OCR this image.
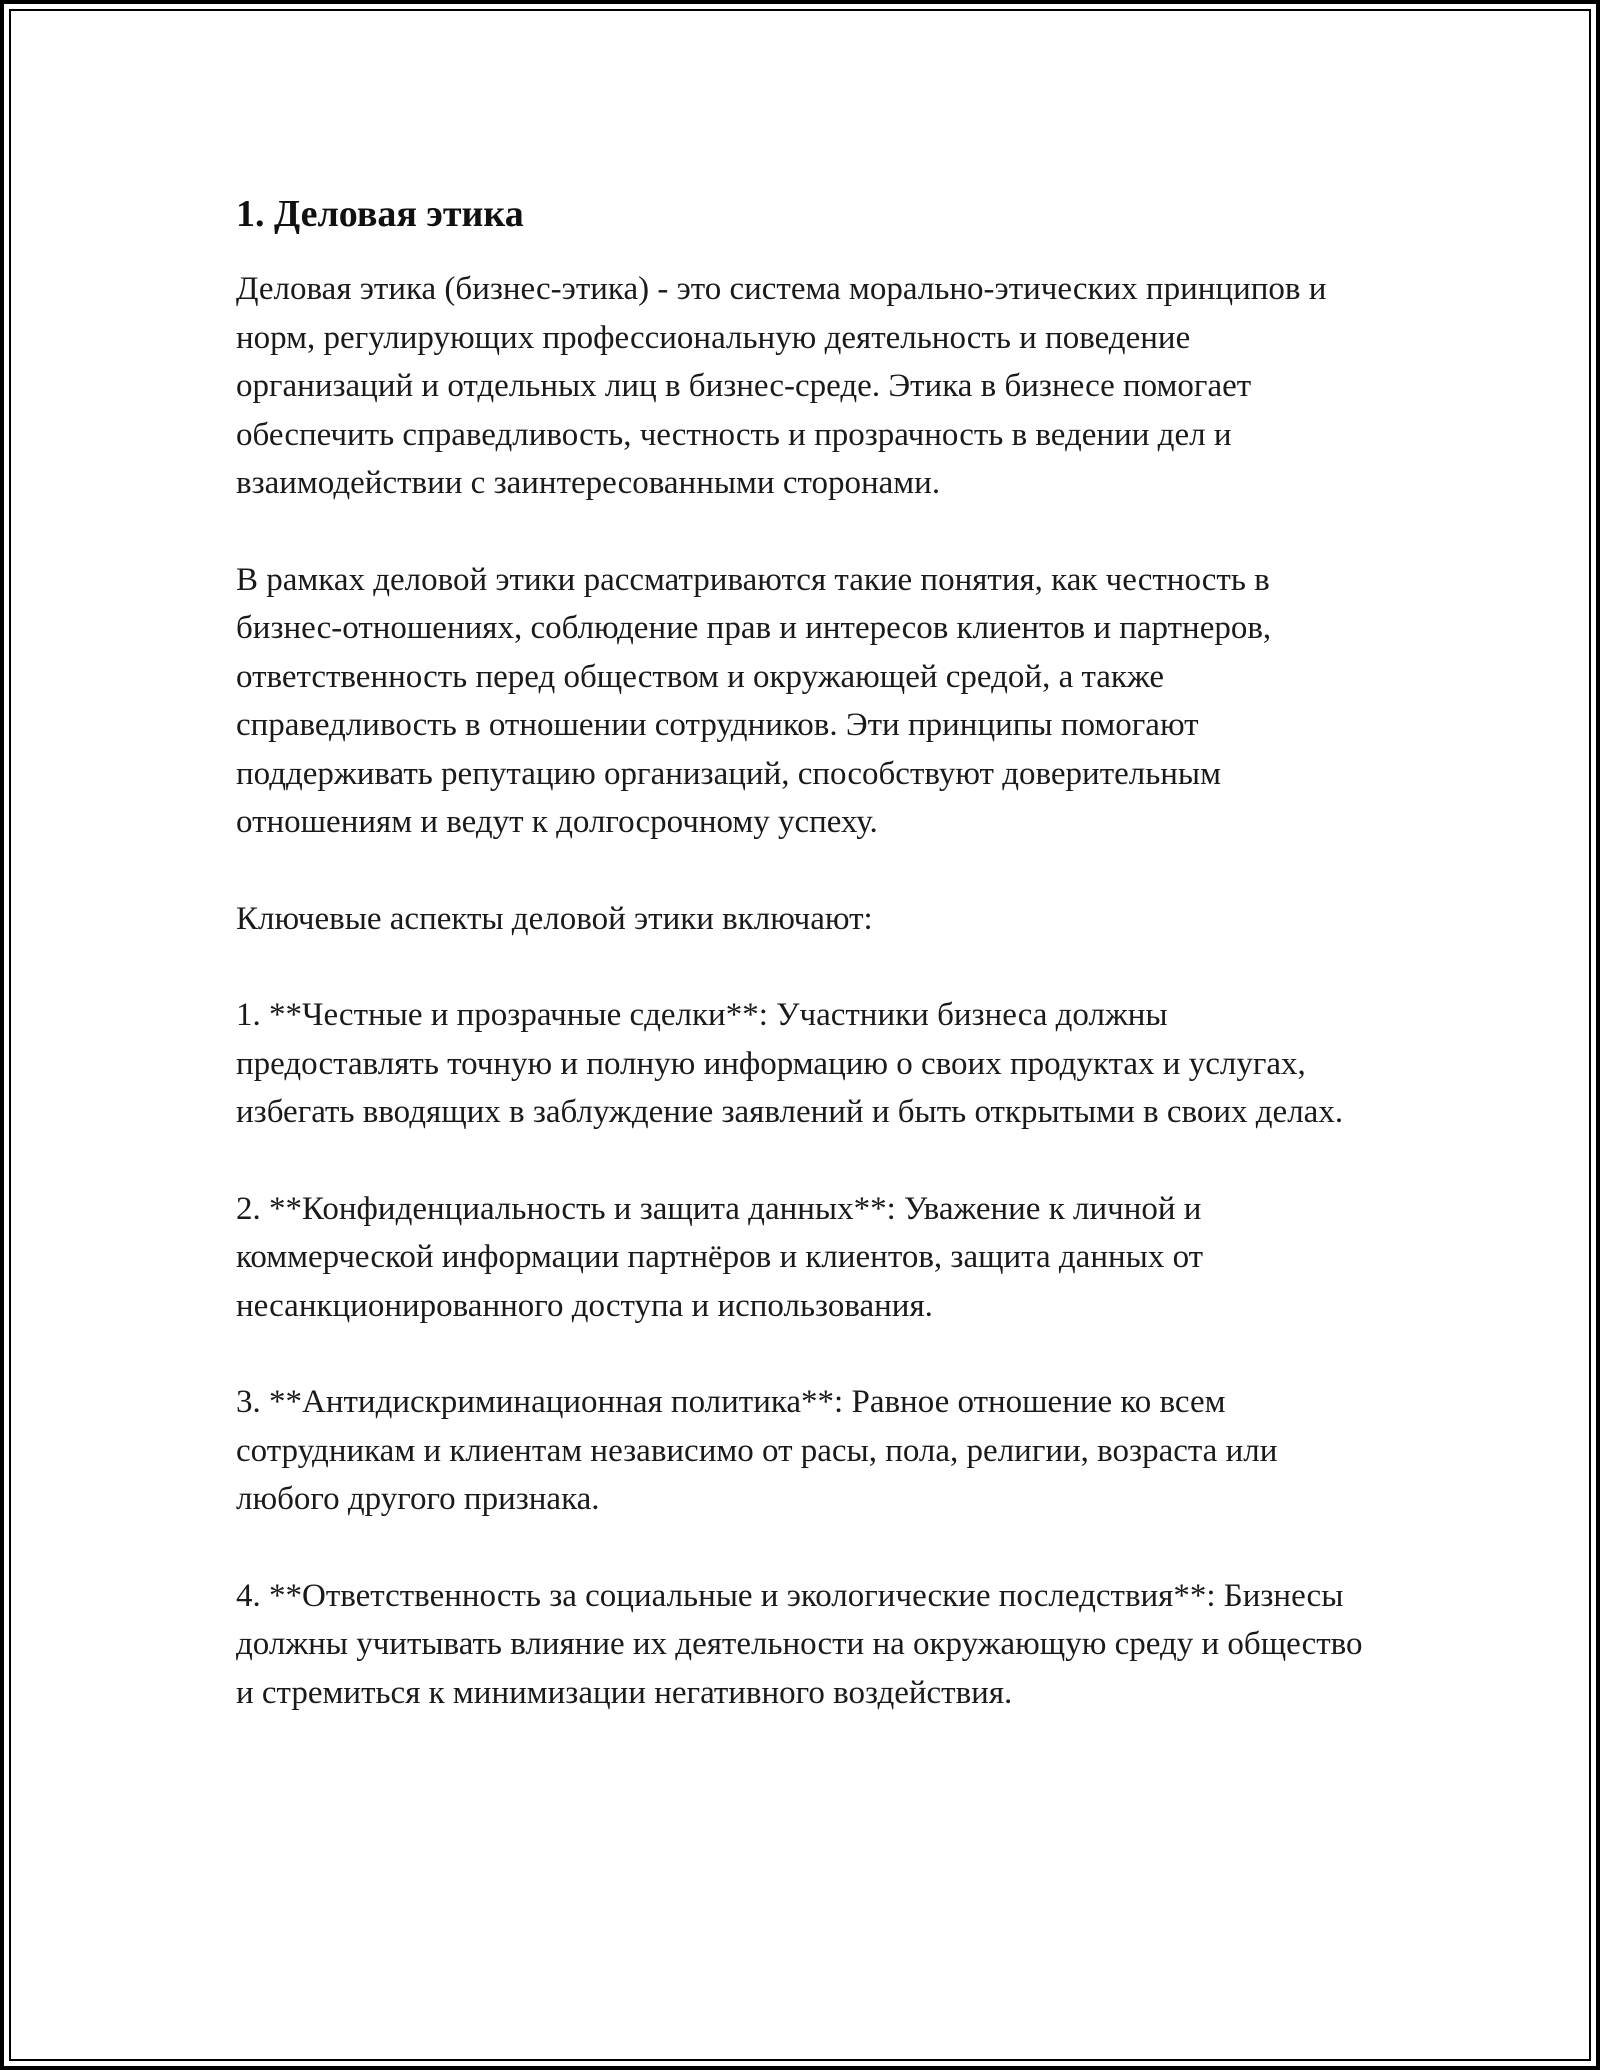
1. Деловая этика

Деловая этика (бизнес-этика) - это система морально-этических принципов и норм, регулирующих профессиональную деятельность и поведение организаций и отдельных лиц в бизнес-среде. Этика в бизнесе помогает обеспечить справедливость, честность и прозрачность в ведении дел и взаимодействии с заинтересованными сторонами.

В рамках деловой этики рассматриваются такие понятия, как честность в бизнес-отношениях, соблюдение прав и интересов клиентов и партнеров, ответственность перед обществом и окружающей средой, а также справедливость в отношении сотрудников. Эти принципы помогают поддерживать репутацию организаций, способствуют доверительным отношениям и ведут к долгосрочному успеху.

Ключевые аспекты деловой этики включают:

1. **Честные и прозрачные сделки**: Участники бизнеса должны предоставлять точную и полную информацию о своих продуктах и услугах, избегать вводящих в заблуждение заявлений и быть открытыми в своих делах.

2. **Конфиденциальность и защита данных**: Уважение к личной и коммерческой информации партнёров и клиентов, защита данных от несанкционированного доступа и использования.

3. **Антидискриминационная политика**: Равное отношение ко всем сотрудникам и клиентам независимо от расы, пола, религии, возраста или любого другого признака.

4. **Ответственность за социальные и экологические последствия**: Бизнесы должны учитывать влияние их деятельности на окружающую среду и общество и стремиться к минимизации негативного воздействия.
